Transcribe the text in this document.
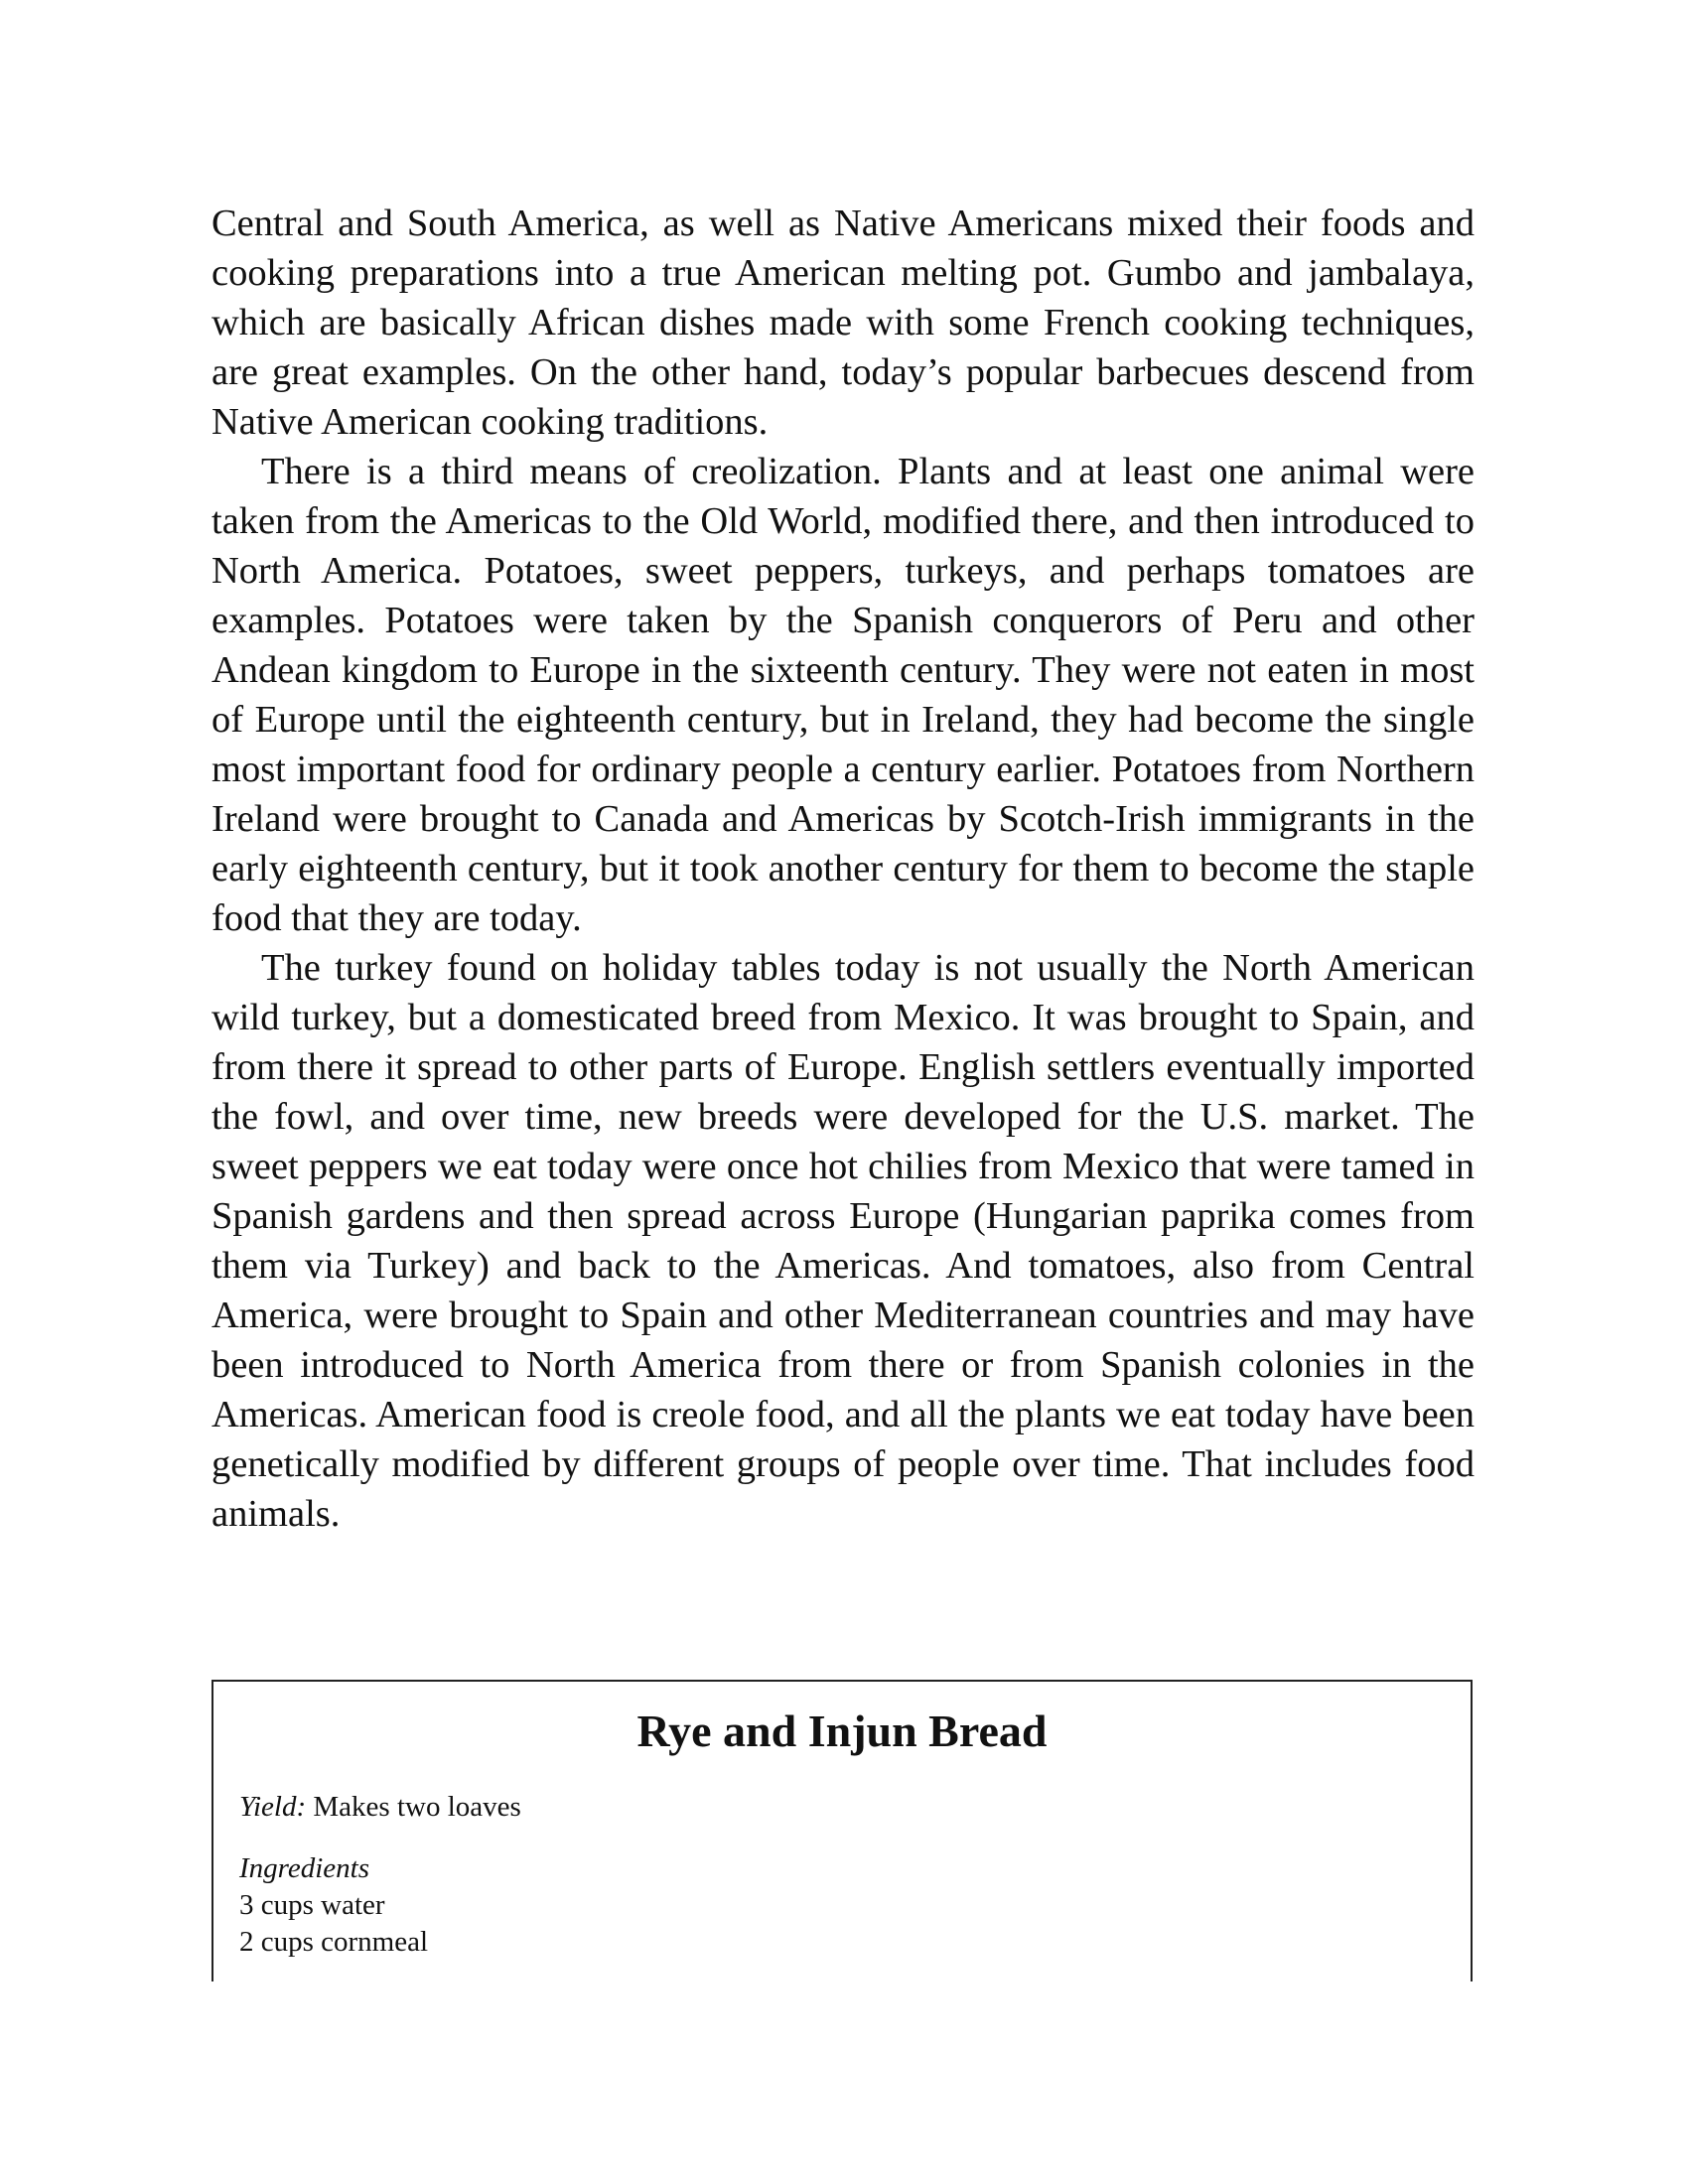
Central and South America, as well as Native Americans mixed their foods and cooking preparations into a true American melting pot. Gumbo and jambalaya, which are basically African dishes made with some French cooking techniques, are great examples. On the other hand, today’s popular barbecues descend from Native American cooking traditions.

There is a third means of creolization. Plants and at least one animal were taken from the Americas to the Old World, modified there, and then introduced to North America. Potatoes, sweet peppers, turkeys, and perhaps tomatoes are examples. Potatoes were taken by the Spanish conquerors of Peru and other Andean kingdom to Europe in the sixteenth century. They were not eaten in most of Europe until the eighteenth century, but in Ireland, they had become the single most important food for ordinary people a century earlier. Potatoes from Northern Ireland were brought to Canada and Americas by Scotch-Irish immigrants in the early eighteenth century, but it took another century for them to become the staple food that they are today.

The turkey found on holiday tables today is not usually the North American wild turkey, but a domesticated breed from Mexico. It was brought to Spain, and from there it spread to other parts of Europe. English settlers eventually imported the fowl, and over time, new breeds were developed for the U.S. market. The sweet peppers we eat today were once hot chilies from Mexico that were tamed in Spanish gardens and then spread across Europe (Hungarian paprika comes from them via Turkey) and back to the Americas. And tomatoes, also from Central America, were brought to Spain and other Mediterranean countries and may have been introduced to North America from there or from Spanish colonies in the Americas. American food is creole food, and all the plants we eat today have been genetically modified by different groups of people over time. That includes food animals.

Rye and Injun Bread
Yield: Makes two loaves
Ingredients
3 cups water
2 cups cornmeal
